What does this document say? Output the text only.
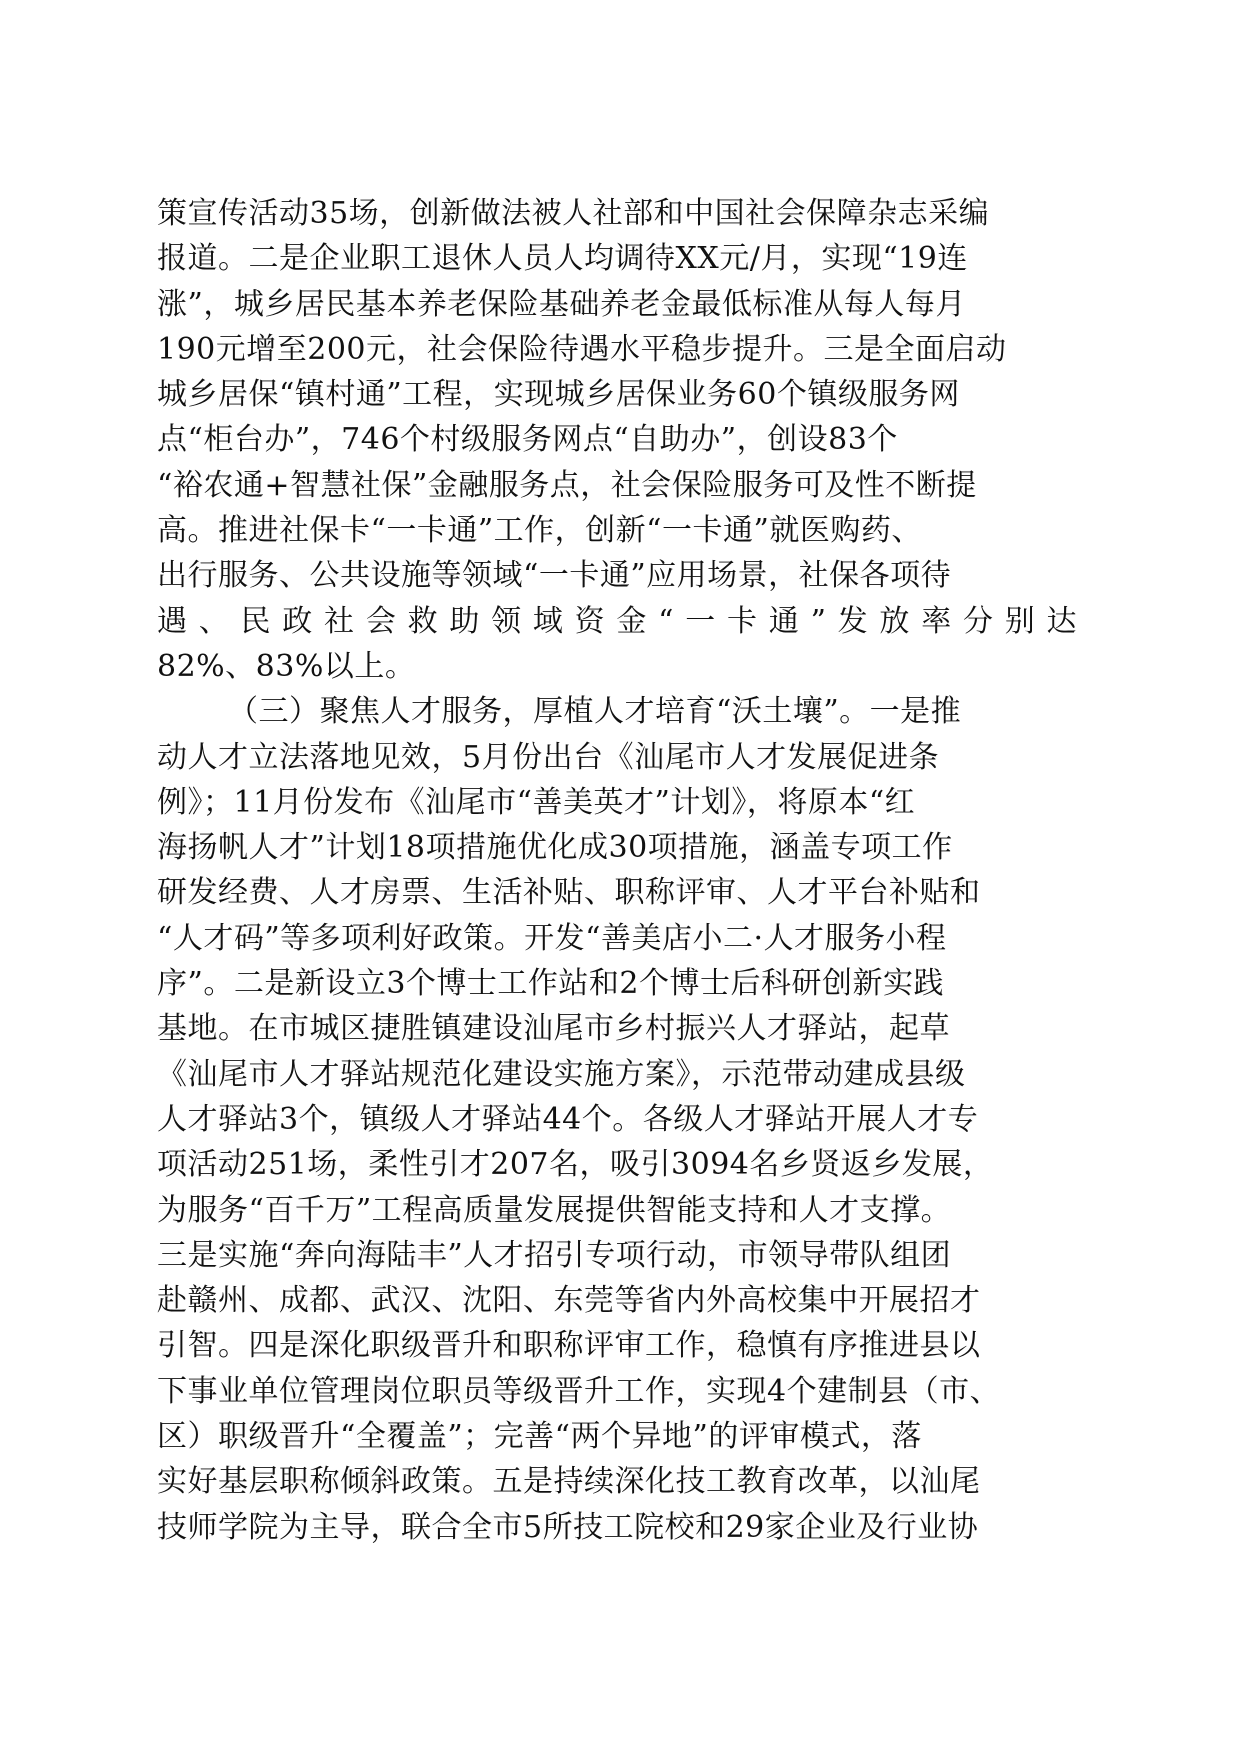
策宣传活动35场，创新做法被人社部和中国社会保障杂志采编
报道。二是企业职工退休人员人均调待XX元/月，实现“19连
涨”，城乡居民基本养老保险基础养老金最低标准从每人每月
190元增至200元，社会保险待遇水平稳步提升。三是全面启动
城乡居保“镇村通”工程，实现城乡居保业务60个镇级服务网
点“柜台办”，746个村级服务网点“自助办”，创设83个
“裕农通+智慧社保”金融服务点，社会保险服务可及性不断提
高。推进社保卡“一卡通”工作，创新“一卡通”就医购药、
出行服务、公共设施等领域“一卡通”应用场景，社保各项待
遇、民政社会救助领域资金“一卡通”发放率分别达
82%、83%以上。
（三）聚焦人才服务，厚植人才培育“沃土壤”。一是推
动人才立法落地见效，5月份出台《汕尾市人才发展促进条
例》；11月份发布《汕尾市“善美英才”计划》，将原本“红
海扬帆人才”计划18项措施优化成30项措施，涵盖专项工作
研发经费、人才房票、生活补贴、职称评审、人才平台补贴和
“人才码”等多项利好政策。开发“善美店小二·人才服务小程
序”。二是新设立3个博士工作站和2个博士后科研创新实践
基地。在市城区捷胜镇建设汕尾市乡村振兴人才驿站，起草
《汕尾市人才驿站规范化建设实施方案》，示范带动建成县级
人才驿站3个，镇级人才驿站44个。各级人才驿站开展人才专
项活动251场，柔性引才207名，吸引3094名乡贤返乡发展，
为服务“百千万”工程高质量发展提供智能支持和人才支撑。
三是实施“奔向海陆丰”人才招引专项行动，市领导带队组团
赴赣州、成都、武汉、沈阳、东莞等省内外高校集中开展招才
引智。四是深化职级晋升和职称评审工作，稳慎有序推进县以
下事业单位管理岗位职员等级晋升工作，实现4个建制县（市、
区）职级晋升“全覆盖”；完善“两个异地”的评审模式，落
实好基层职称倾斜政策。五是持续深化技工教育改革，以汕尾
技师学院为主导，联合全市5所技工院校和29家企业及行业协
